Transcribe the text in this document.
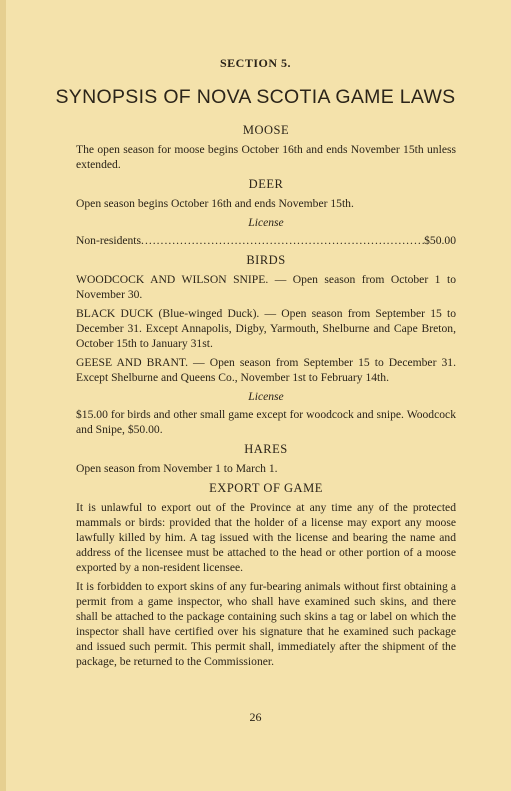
SECTION 5.
SYNOPSIS OF NOVA SCOTIA GAME LAWS
MOOSE

The open season for moose begins October 16th and ends November 15th unless extended.

DEER

Open season begins October 16th and ends November 15th.

License
Non-residents
.....	$50.00
BIRDS

WOODCOCK AND WILSON SNIPE. — Open season from October 1 to November 30.

BLACK DUCK (Blue-winged Duck). — Open season from September 15 to December 31. Except Annapolis, Digby, Yarmouth, Shelburne and Cape Breton, October 15th to January 31st.

GEESE AND BRANT. — Open season from September 15 to December 31. Except Shelburne and Queens Co., November 1st to February 14th.

License

$15.00 for birds and other small game except for woodcock and snipe. Woodcock and Snipe, $50.00.

HARES

Open season from November 1 to March 1.

EXPORT OF GAME

It is unlawful to export out of the Province at any time any of the protected mammals or birds: provided that the holder of a license may export any moose lawfully killed by him. A tag issued with the license and bearing the name and address of the licensee must be attached to the head or other portion of a moose exported by a non-resident licensee.

It is forbidden to export skins of any fur-bearing animals without first obtaining a permit from a game inspector, who shall have examined such skins, and there shall be attached to the package containing such skins a tag or label on which the inspector shall have certified over his signature that he examined such package and issued such permit. This permit shall, immediately after the shipment of the package, be returned to the Commissioner.

26
